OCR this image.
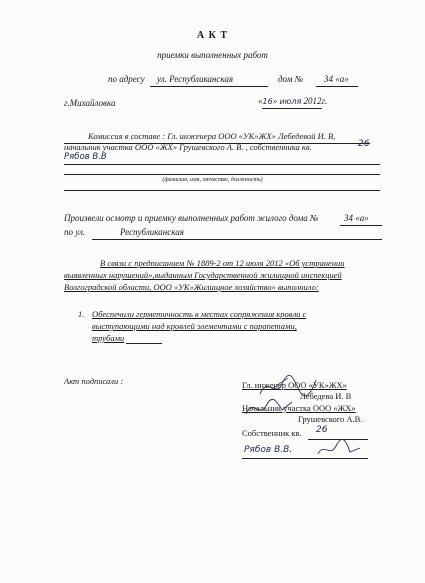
А К Т
приемки выполненных работ
по адресу ул. Республиканская	дом № 34 «а»
г.Михайловка	«16» июля 2012г.
Комиссия в составе : Гл. инженера ООО «УК»ЖХ» Лебедевой И. В,
начальник участка ООО «ЖХ» Грушевского А. В. , собственника кв.	26
Рябов В.В
(фамилия, имя, отчество, должность)
Произвели осмотр и приемку выполненных работ жилого дома №	34 «а»
по ул.	Республиканская
В связи с предписанием № 1889-2 от 12 июля 2012 «Об устранении
выявленных нарушений»,выданным Государственной жилищной инспекцией
Волгоградской области, ООО «УК»Жилищное хозяйство» выполнило:
1. Обеспечили герметичность в местах сопряжения кровли с
выступающими над кровлей элементами с парапетами,
трубами
Акт подписали :	Гл. инженер ООО «УК»ЖХ»
Лебедева И. В
Начальник участка ООО «ЖХ»
Грушевского А.В.
Собственник кв. 26
Рябов В.В.
